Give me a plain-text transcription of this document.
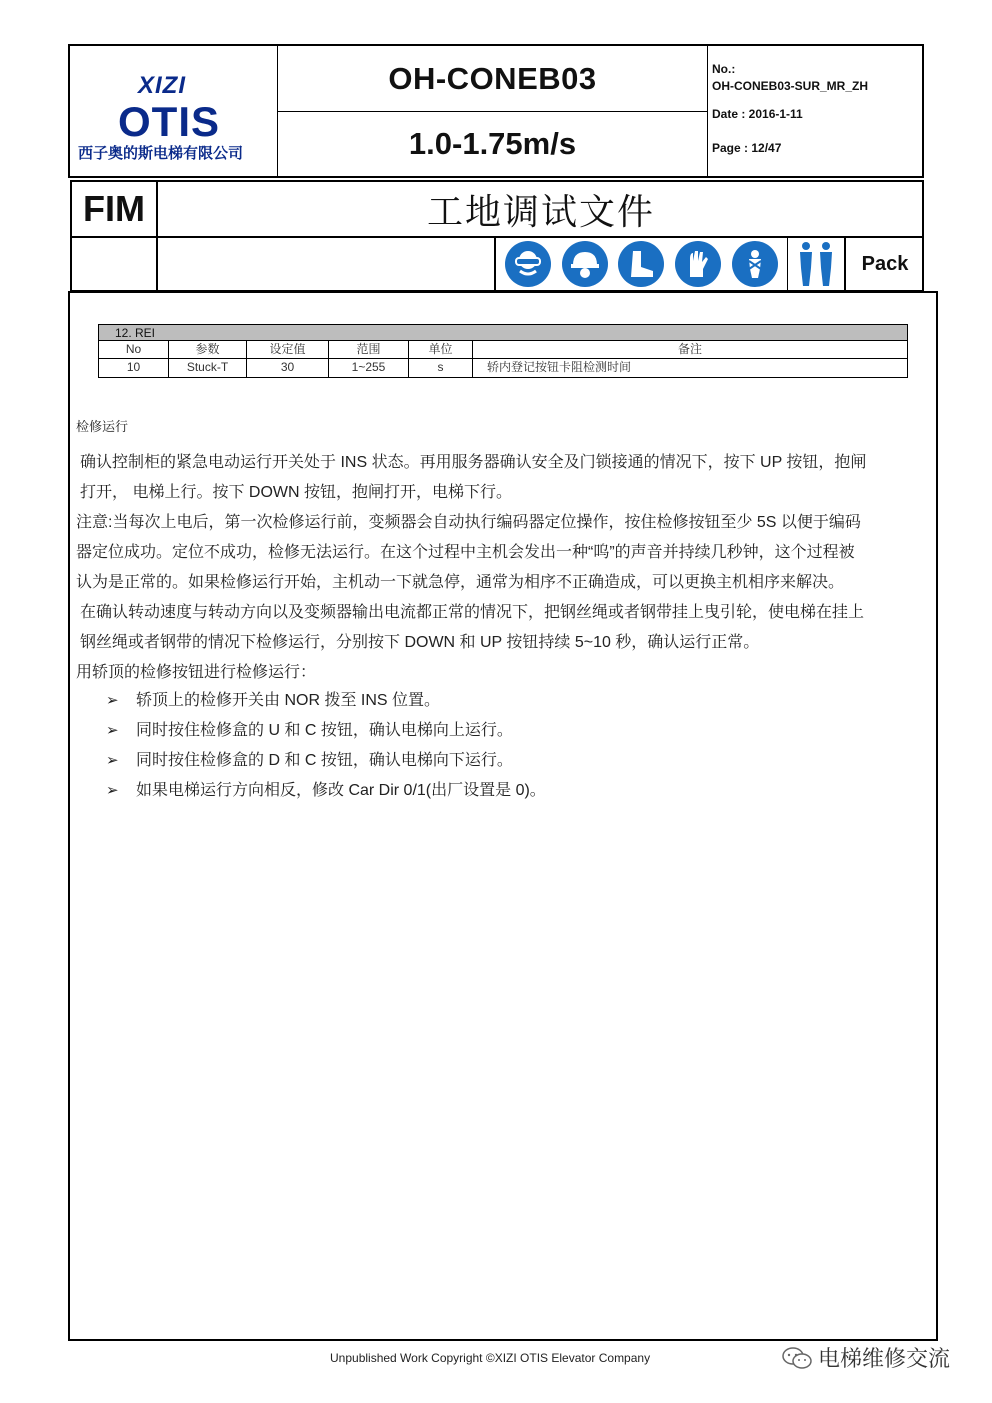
XIZI
OTIS
西子奥的斯电梯有限公司
OH-CONEB03
1.0-1.75m/s
No.:
OH-CONEB03-SUR_MR_ZH
Date : 2016-1-11
Page : 12/47
FIM	工地调试文件
Pack
12. REI
No	参数	设定值	范围	单位	备注
10	Stuck-T	30	1~255	s	轿内登记按钮卡阻检测时间
检修运行
确认控制柜的紧急电动运行开关处于 INS 状态。再用服务器确认安全及门锁接通的情况下，按下 UP 按钮，抱闸
打开， 电梯上行。按下 DOWN 按钮，抱闸打开，电梯下行。
注意:当每次上电后，第一次检修运行前，变频器会自动执行编码器定位操作，按住检修按钮至少 5S 以便于编码
器定位成功。定位不成功，检修无法运行。在这个过程中主机会发出一种“呜”的声音并持续几秒钟，这个过程被
认为是正常的。如果检修运行开始，主机动一下就急停，通常为相序不正确造成，可以更换主机相序来解决。
在确认转动速度与转动方向以及变频器输出电流都正常的情况下，把钢丝绳或者钢带挂上曳引轮，使电梯在挂上
钢丝绳或者钢带的情况下检修运行，分别按下 DOWN 和 UP 按钮持续 5~10 秒，确认运行正常。
用轿顶的检修按钮进行检修运行：
➢	轿顶上的检修开关由 NOR 拨至 INS 位置。
➢	同时按住检修盒的 U 和 C 按钮，确认电梯向上运行。
➢	同时按住检修盒的 D 和 C 按钮，确认电梯向下运行。
➢	如果电梯运行方向相反，修改 Car Dir 0/1(出厂设置是 0)。
Unpublished Work Copyright ©XIZI OTIS Elevator Company	电梯维修交流
